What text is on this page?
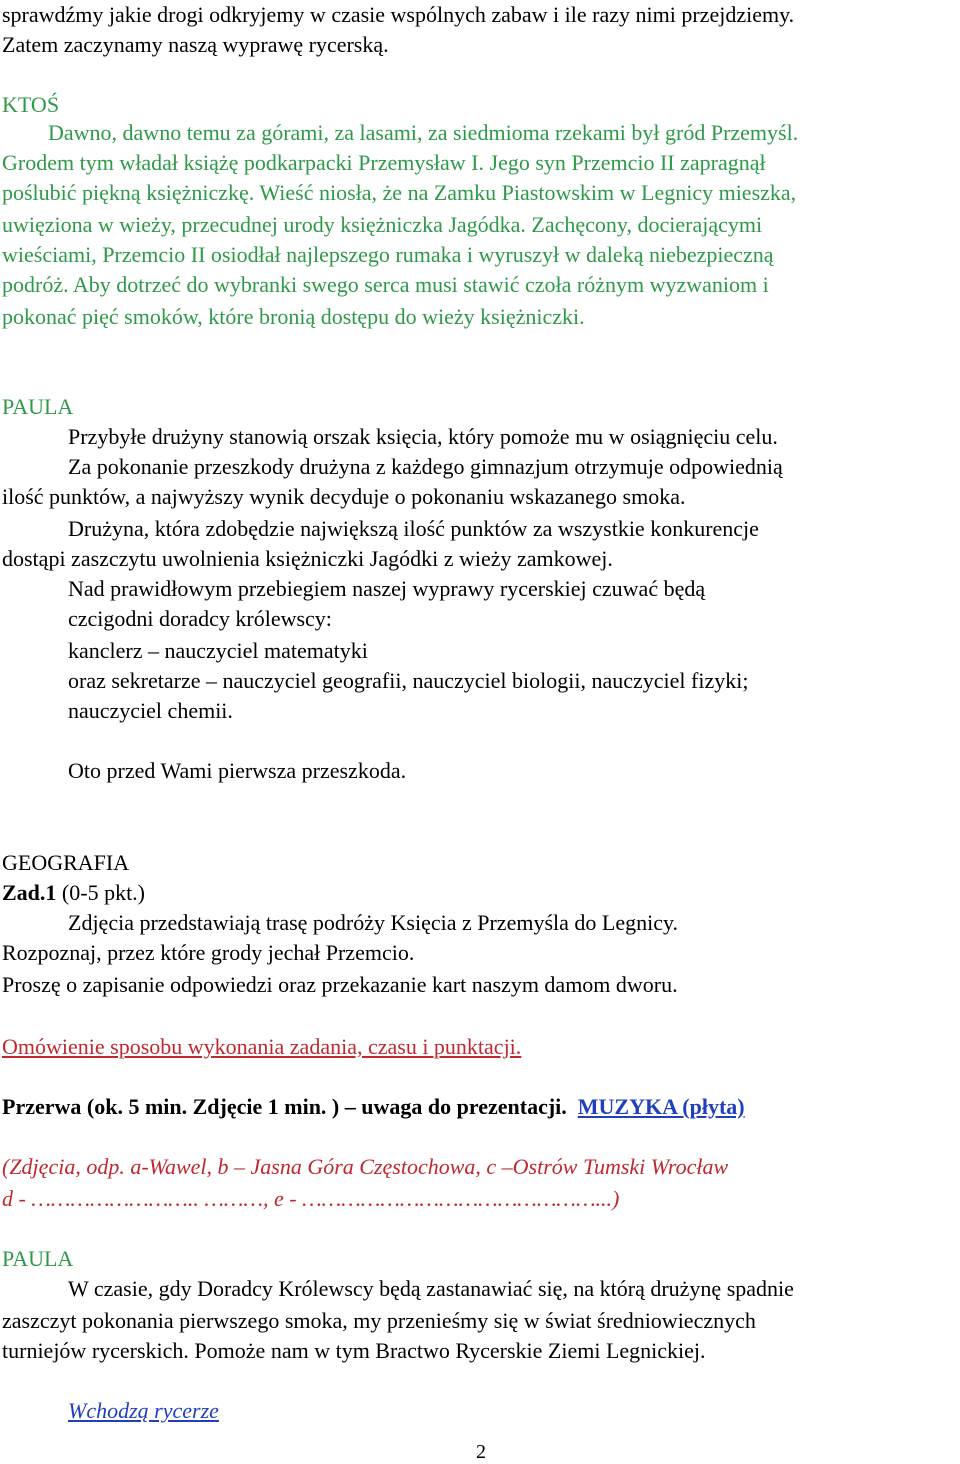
sprawdźmy jakie drogi odkryjemy w czasie wspólnych zabaw i ile razy nimi przejdziemy.

Zatem zaczynamy naszą wyprawę rycerską.

KTOŚ

Dawno, dawno temu za górami, za lasami, za siedmioma rzekami był gród Przemyśl.

Grodem tym władał książę podkarpacki Przemysław I. Jego syn Przemcio II zapragnął

poślubić piękną księżniczkę. Wieść niosła, że na Zamku Piastowskim w Legnicy mieszka,

uwięziona w wieży, przecudnej urody księżniczka Jagódka. Zachęcony, docierającymi

wieściami, Przemcio II osiodłał najlepszego rumaka i wyruszył w daleką niebezpieczną

podróż. Aby dotrzeć do wybranki swego serca musi stawić czoła różnym wyzwaniom i

pokonać pięć smoków, które bronią dostępu do wieży księżniczki.

PAULA

Przybyłe drużyny stanowią orszak księcia, który pomoże mu w osiągnięciu celu.

Za pokonanie przeszkody drużyna z każdego gimnazjum otrzymuje odpowiednią

ilość punktów, a najwyższy wynik decyduje o pokonaniu wskazanego smoka.

Drużyna, która zdobędzie największą ilość punktów za wszystkie konkurencje

dostąpi zaszczytu uwolnienia księżniczki Jagódki z wieży zamkowej.

Nad prawidłowym przebiegiem naszej wyprawy rycerskiej czuwać będą

czcigodni doradcy królewscy:

kanclerz – nauczyciel matematyki

oraz sekretarze – nauczyciel geografii, nauczyciel biologii, nauczyciel fizyki;

nauczyciel chemii.

Oto przed Wami pierwsza przeszkoda.

GEOGRAFIA

Zad.1 (0-5 pkt.)

Zdjęcia przedstawiają trasę podróży Księcia z Przemyśla do Legnicy.

Rozpoznaj, przez które grody jechał Przemcio.

Proszę o zapisanie odpowiedzi oraz przekazanie kart naszym damom dworu.

Omówienie sposobu wykonania zadania, czasu i punktacji.

Przerwa (ok. 5 min. Zdjęcie 1 min. ) – uwaga do prezentacji. MUZYKA (płyta)

(Zdjęcia, odp. a-Wawel, b – Jasna Góra Częstochowa, c –Ostrów Tumski Wrocław

d - …………………….. ………, e - ………………………………………...)

PAULA

W czasie, gdy Doradcy Królewscy będą zastanawiać się, na którą drużynę spadnie

zaszczyt pokonania pierwszego smoka, my przenieśmy się w świat średniowiecznych

turniejów rycerskich. Pomoże nam w tym Bractwo Rycerskie Ziemi Legnickiej.

Wchodzą rycerze

2
